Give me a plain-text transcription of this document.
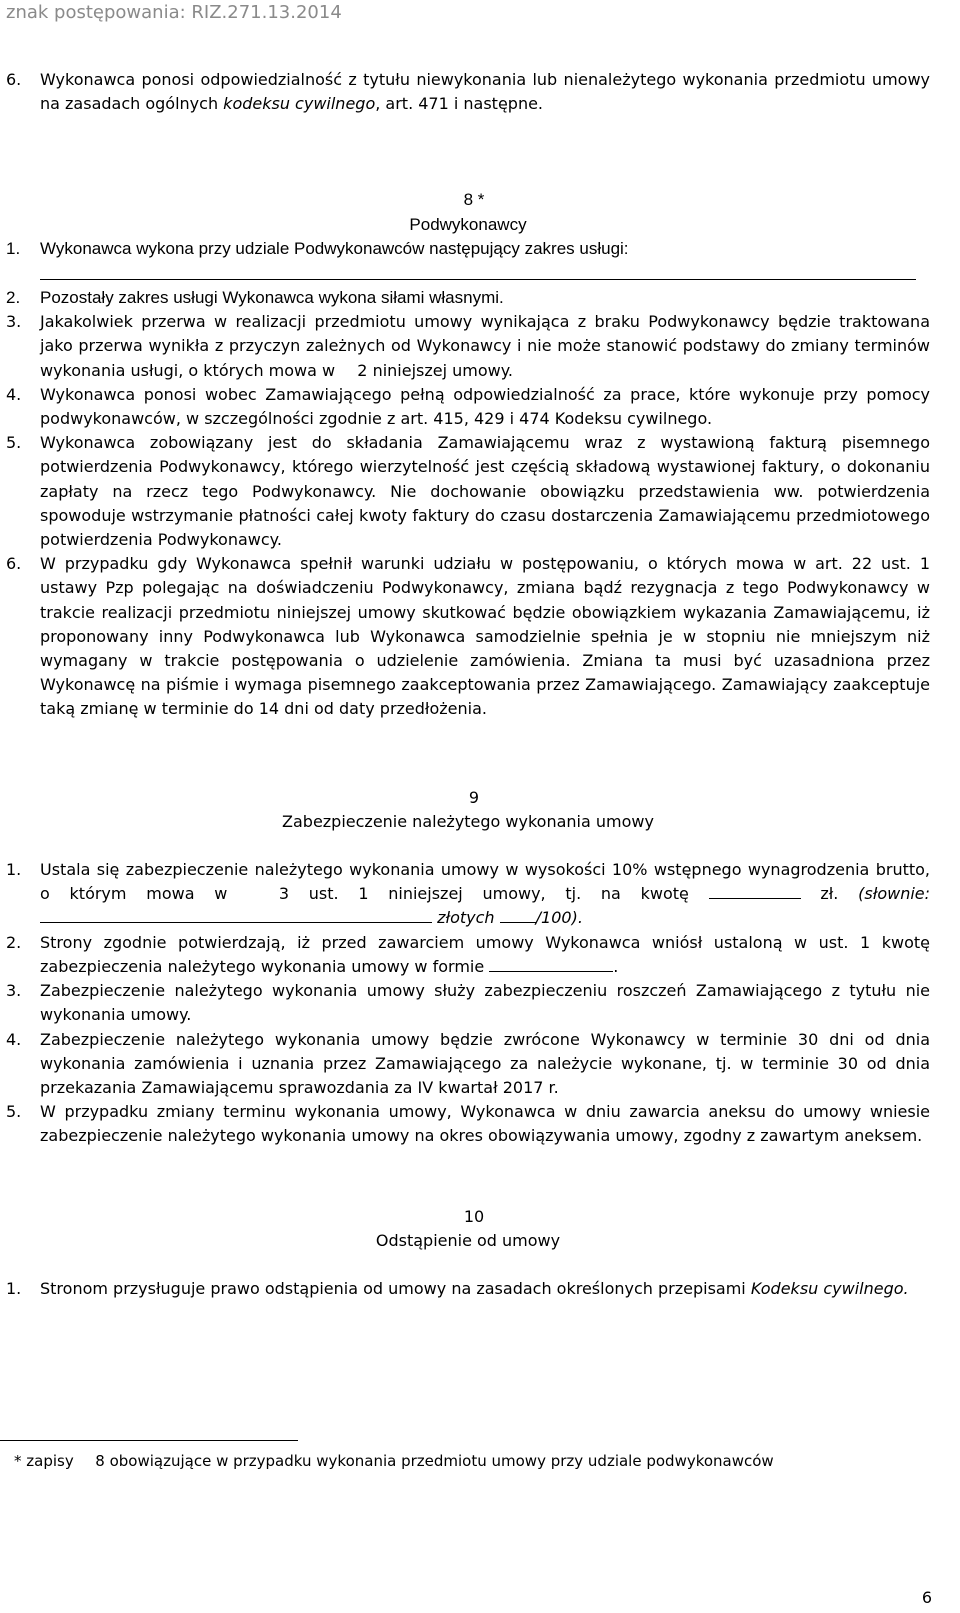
znak postępowania: RIZ.271.13.2014
6. Wykonawca ponosi odpowiedzialność z tytułu niewykonania lub nienależytego wykonania przedmiotu umowy na zasadach ogólnych kodeksu cywilnego, art. 471 i następne.
8 *
Podwykonawcy
1. Wykonawca wykona przy udziale Podwykonawców następujący zakres usługi:
2. Pozostały zakres usługi Wykonawca wykona siłami własnymi.
3. Jakakolwiek przerwa w realizacji przedmiotu umowy wynikająca z braku Podwykonawcy będzie traktowana jako przerwa wynikła z przyczyn zależnych od Wykonawcy i nie może stanowić podstawy do zmiany terminów wykonania usługi, o których mowa w  2 niniejszej umowy.
4. Wykonawca ponosi wobec Zamawiającego pełną odpowiedzialność za prace, które wykonuje przy pomocy podwykonawców, w szczególności zgodnie z art. 415, 429 i 474 Kodeksu cywilnego.
5. Wykonawca zobowiązany jest do składania Zamawiającemu wraz z wystawioną fakturą pisemnego potwierdzenia Podwykonawcy, którego wierzytelność jest częścią składową wystawionej faktury, o dokonaniu zapłaty na rzecz tego Podwykonawcy. Nie dochowanie obowiązku przedstawienia ww. potwierdzenia spowoduje wstrzymanie płatności całej kwoty faktury do czasu dostarczenia Zamawiającemu przedmiotowego potwierdzenia Podwykonawcy.
6. W przypadku gdy Wykonawca spełnił warunki udziału w postępowaniu, o których mowa w art. 22 ust. 1 ustawy Pzp polegając na doświadczeniu Podwykonawcy, zmiana bądź rezygnacja z tego Podwykonawcy w trakcie realizacji przedmiotu niniejszej umowy skutkować będzie obowiązkiem wykazania Zamawiającemu, iż proponowany inny Podwykonawca lub Wykonawca samodzielnie spełnia je w stopniu nie mniejszym niż wymagany w trakcie postępowania o udzielenie zamówienia. Zmiana ta musi być uzasadniona przez Wykonawcę na piśmie i wymaga pisemnego zaakceptowania przez Zamawiającego. Zamawiający zaakceptuje taką zmianę w terminie do 14 dni od daty przedłożenia.
9
Zabezpieczenie należytego wykonania umowy
1. Ustala się zabezpieczenie należytego wykonania umowy w wysokości 10% wstępnego wynagrodzenia brutto, o którym mowa w  3 ust. 1 niniejszej umowy, tj. na kwotę	zł. (słownie:  złotych /100).
2. Strony zgodnie potwierdzają, iż przed zawarciem umowy Wykonawca wniósł ustaloną w ust. 1 kwotę zabezpieczenia należytego wykonania umowy w formie	.
3. Zabezpieczenie należytego wykonania umowy służy zabezpieczeniu roszczeń Zamawiającego z tytułu nie wykonania umowy.
4. Zabezpieczenie należytego wykonania umowy będzie zwrócone Wykonawcy w terminie 30 dni od dnia wykonania zamówienia i uznania przez Zamawiającego za należycie wykonane, tj. w terminie 30 od dnia przekazania Zamawiającemu sprawozdania za IV kwartał 2017 r.
5. W przypadku zmiany terminu wykonania umowy, Wykonawca w dniu zawarcia aneksu do umowy wniesie zabezpieczenie należytego wykonania umowy na okres obowiązywania umowy, zgodny z zawartym aneksem.
10
Odstąpienie od umowy
1. Stronom przysługuje prawo odstąpienia od umowy na zasadach określonych przepisami Kodeksu cywilnego.
* zapisy  8 obowiązujące w przypadku wykonania przedmiotu umowy przy udziale podwykonawców
6
